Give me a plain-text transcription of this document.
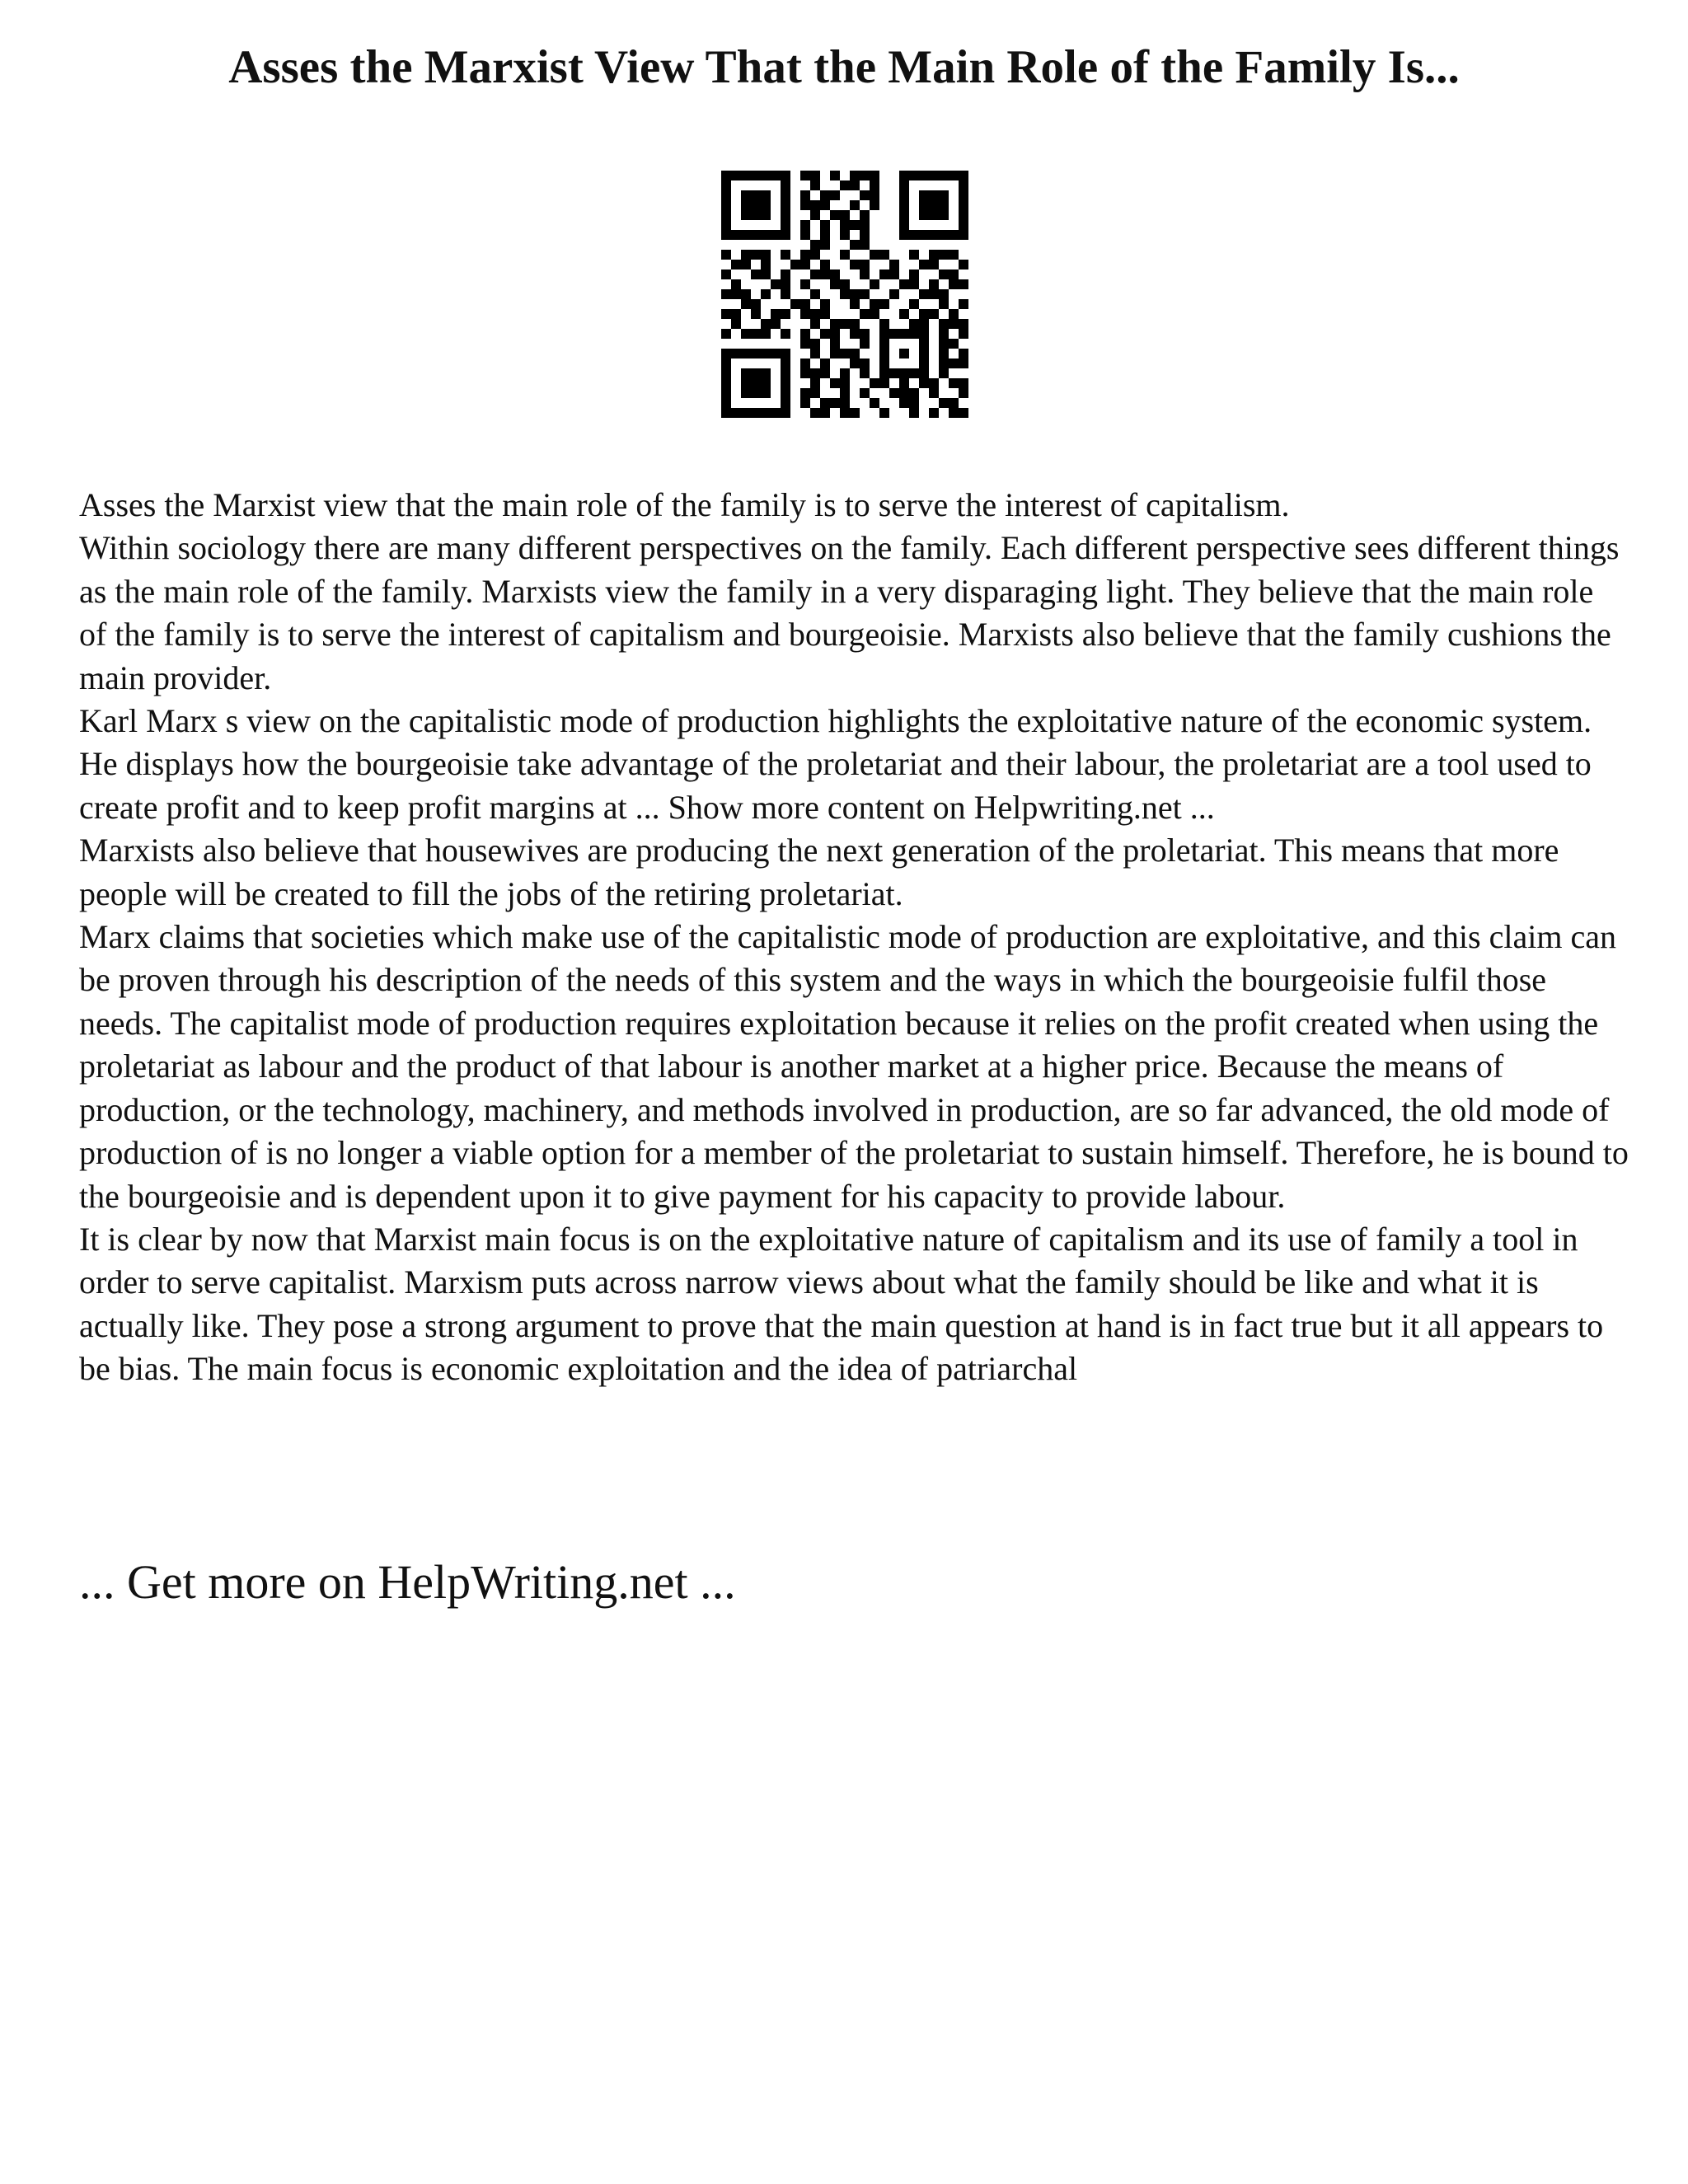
Asses the Marxist View That the Main Role of the Family Is...

Asses the Marxist view that the main role of the family is to serve the interest of capitalism.

Within sociology there are many different perspectives on the family. Each different perspective sees different things as the main role of the family. Marxists view the family in a very disparaging light. They believe that the main role of the family is to serve the interest of capitalism and bourgeoisie. Marxists also believe that the family cushions the main provider.

Karl Marx s view on the capitalistic mode of production highlights the exploitative nature of the economic system. He displays how the bourgeoisie take advantage of the proletariat and their labour, the proletariat are a tool used to create profit and to keep profit margins at ... Show more content on Helpwriting.net ...

Marxists also believe that housewives are producing the next generation of the proletariat. This means that more people will be created to fill the jobs of the retiring proletariat.

Marx claims that societies which make use of the capitalistic mode of production are exploitative, and this claim can be proven through his description of the needs of this system and the ways in which the bourgeoisie fulfil those needs. The capitalist mode of production requires exploitation because it relies on the profit created when using the proletariat as labour and the product of that labour is another market at a higher price. Because the means of production, or the technology, machinery, and methods involved in production, are so far advanced, the old mode of production of is no longer a viable option for a member of the proletariat to sustain himself. Therefore, he is bound to the bourgeoisie and is dependent upon it to give payment for his capacity to provide labour.

It is clear by now that Marxist main focus is on the exploitative nature of capitalism and its use of family a tool in order to serve capitalist. Marxism puts across narrow views about what the family should be like and what it is actually like. They pose a strong argument to prove that the main question at hand is in fact true but it all appears to be bias. The main focus is economic exploitation and the idea of patriarchal

... Get more on HelpWriting.net ...
